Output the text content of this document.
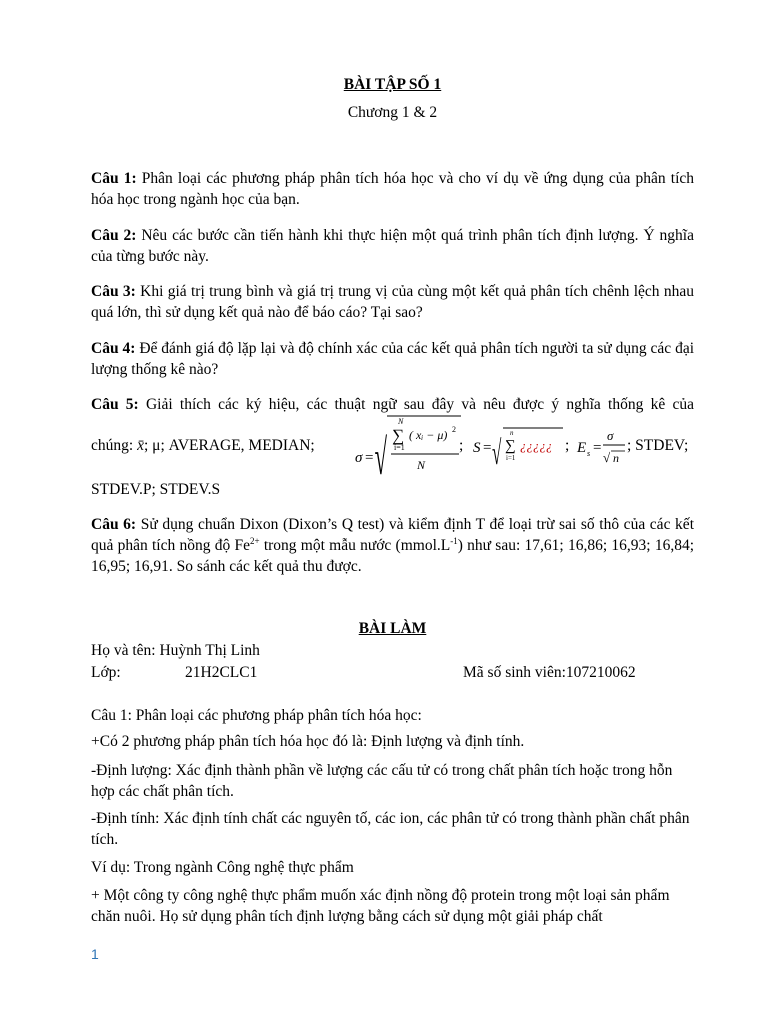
BÀI TẬP SỐ 1
Chương 1 & 2

Câu 1: Phân loại các phương pháp phân tích hóa học và cho ví dụ về ứng dụng của phân tích hóa học trong ngành học của bạn.

Câu 2: Nêu các bước cần tiến hành khi thực hiện một quá trình phân tích định lượng. Ý nghĩa của từng bước này.

Câu 3: Khi giá trị trung bình và giá trị trung vị của cùng một kết quả phân tích chênh lệch nhau quá lớn, thì sử dụng kết quả nào để báo cáo? Tại sao?

Câu 4: Để đánh giá độ lặp lại và độ chính xác của các kết quả phân tích người ta sử dụng các đại lượng thống kê nào?

Câu 5: Giải thích các ký hiệu, các thuật ngữ sau đây và nêu được ý nghĩa thống kê của

chúng: x̄; μ; AVERAGE, MEDIAN;
σ = √
N
∑
i=1
( xᵢ − μ) 2
N
; S = √
n
∑
i=1
¿¿¿¿¿ ; E s =
σ
√ n
; STDEV;

STDEV.P; STDEV.S

Câu 6: Sử dụng chuẩn Dixon (Dixon’s Q test) và kiểm định T để loại trừ sai số thô của các kết quả phân tích nồng độ $Fe^{2+}$ trong một mẫu nước $(mmol.L^{-1})$ như sau: 17,61; 16,86; 16,93; 16,84; 16,95; 16,91. So sánh các kết quả thu được.

BÀI LÀM

Họ và tên: Huỳnh Thị Linh

Lớp:	21H2CLC1	Mã số sinh viên:107210062

Câu 1: Phân loại các phương pháp phân tích hóa học:

+Có 2 phương pháp phân tích hóa học đó là: Định lượng và định tính.

-Định lượng: Xác định thành phần về lượng các cấu tử có trong chất phân tích hoặc trong hỗn hợp các chất phân tích.

-Định tính: Xác định tính chất các nguyên tố, các ion, các phân tử có trong thành phần chất phân tích.

Ví dụ: Trong ngành Công nghệ thực phẩm

+ Một công ty công nghệ thực phẩm muốn xác định nồng độ protein trong một loại sản phẩm chăn nuôi. Họ sử dụng phân tích định lượng bằng cách sử dụng một giải pháp chất

1
